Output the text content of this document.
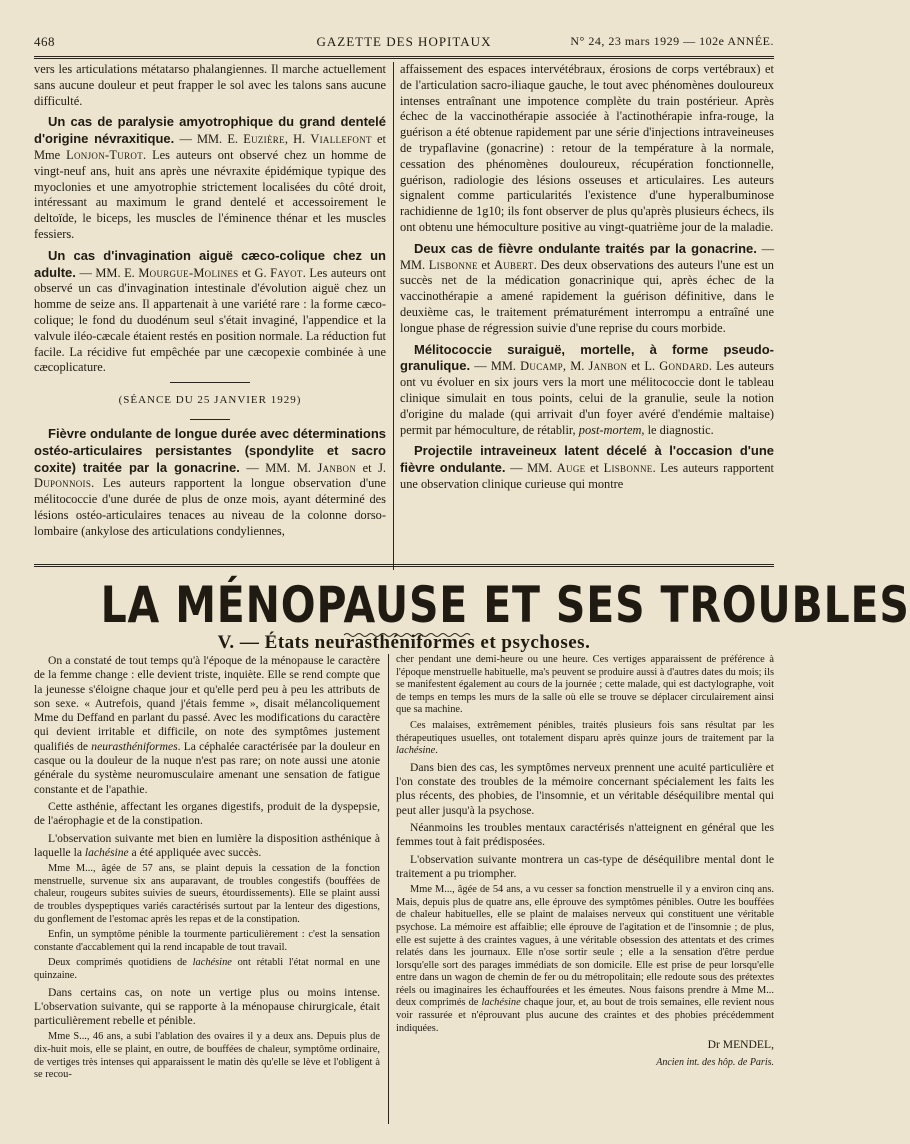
468	GAZETTE DES HOPITAUX	N° 24, 23 mars 1929 — 102e ANNÉE.

vers les articulations métatarso phalangiennes. Il marche actuellement sans aucune douleur et peut frapper le sol avec les talons sans aucune difficulté.

Un cas de paralysie amyotrophique du grand dentelé d'origine névraxitique. — MM. E. Euzière, H. Viallefont et Mme Lonjon-Turot. Les auteurs ont observé chez un homme de vingt-neuf ans, huit ans après une névraxite épidémique typique des myoclonies et une amyotrophie strictement localisées du côté droit, intéressant au maximum le grand dentelé et accessoirement le deltoïde, le biceps, les muscles de l'éminence thénar et les muscles fessiers.

Un cas d'invagination aiguë cæco-colique chez un adulte. — MM. E. Mourgue-Molines et G. Fayot. Les auteurs ont observé un cas d'invagination intestinale d'évolution aiguë chez un homme de seize ans. Il appartenait à une variété rare : la forme cæco-colique; le fond du duodénum seul s'était invaginé, l'appendice et la valvule iléo-cæcale étaient restés en position normale. La réduction fut facile. La récidive fut empêchée par une cæcopexie combinée à une cæcoplicature.

(SÉANCE DU 25 JANVIER 1929)

Fièvre ondulante de longue durée avec déterminations ostéo-articulaires persistantes (spondylite et sacro coxite) traitée par la gonacrine. — MM. M. Janbon et J. Duponnois. Les auteurs rapportent la longue observation d'une mélitococcie d'une durée de plus de onze mois, ayant déterminé des lésions ostéo-articulaires tenaces au niveau de la colonne dorso-lombaire (ankylose des articulations condyliennes,

affaissement des espaces intervétébraux, érosions de corps vertébraux) et de l'articulation sacro-iliaque gauche, le tout avec phénomènes douloureux intenses entraînant une impotence complète du train postérieur. Après échec de la vaccinothérapie associée à l'actinothérapie infra-rouge, la guérison a été obtenue rapidement par une série d'injections intraveineuses de trypaflavine (gonacrine) : retour de la température à la normale, cessation des phénomènes douloureux, récupération fonctionnelle, guérison, radiologie des lésions osseuses et articulaires. Les auteurs signalent comme particularités l'existence d'une hyperalbuminose rachidienne de 1g10; ils font observer de plus qu'après plusieurs échecs, ils ont obtenu une hémoculture positive au vingt-quatrième jour de la maladie.

Deux cas de fièvre ondulante traités par la gonacrine. — MM. Lisbonne et Aubert. Des deux observations des auteurs l'une est un succès net de la médication gonacrinique qui, après échec de la vaccinothérapie a amené rapidement la guérison définitive, dans le deuxième cas, le traitement prématurément interrompu a entraîné une longue phase de régression suivie d'une reprise du cours morbide.

Mélitococcie suraiguë, mortelle, à forme pseudo-granulique. — MM. Ducamp, M. Janbon et L. Gondard. Les auteurs ont vu évoluer en six jours vers la mort une mélitococcie dont le tableau clinique simulait en tous points, celui de la granulie, seule la notion d'origine du malade (qui arrivait d'un foyer avéré d'endémie maltaise) permit par hémoculture, de rétablir, post-mortem, le diagnostic.

Projectile intraveineux latent décelé à l'occasion d'une fièvre ondulante. — MM. Auge et Lisbonne. Les auteurs rapportent une observation clinique curieuse qui montre

LA MÉNOPAUSE ET SES TROUBLES
V. — États neurasthéniformes et psychoses.

On a constaté de tout temps qu'à l'époque de la ménopause le caractère de la femme change : elle devient triste, inquiète. Elle se rend compte que la jeunesse s'éloigne chaque jour et qu'elle perd peu à peu les attributs de son sexe. « Autrefois, quand j'étais femme », disait mélancoliquement Mme du Deffand en parlant du passé. Avec les modifications du caractère qui devient irritable et difficile, on note des symptômes justement qualifiés de neurasthéniformes. La céphalée caractérisée par la douleur en casque ou la douleur de la nuque n'est pas rare; on note aussi une atonie générale du système neuromusculaire amenant une sensation de fatigue constante et de l'apathie.

Cette asthénie, affectant les organes digestifs, produit de la dyspepsie, de l'aérophagie et de la constipation.

L'observation suivante met bien en lumière la disposition asthénique à laquelle la lachésine a été appliquée avec succès.

Mme M..., âgée de 57 ans, se plaint depuis la cessation de la fonction menstruelle, survenue six ans auparavant, de troubles congestifs (bouffées de chaleur, rougeurs subites suivies de sueurs, étourdissements). Elle se plaint aussi de troubles dyspeptiques variés caractérisés surtout par la lenteur des digestions, du gonflement de l'estomac après les repas et de la constipation.

Enfin, un symptôme pénible la tourmente particulièrement : c'est la sensation constante d'accablement qui la rend incapable de tout travail.

Deux comprimés quotidiens de lachésine ont rétabli l'état normal en une quinzaine.

Dans certains cas, on note un vertige plus ou moins intense. L'observation suivante, qui se rapporte à la ménopause chirurgicale, était particulièrement rebelle et pénible.

Mme S..., 46 ans, a subi l'ablation des ovaires il y a deux ans. Depuis plus de dix-huit mois, elle se plaint, en outre, de bouffées de chaleur, symptôme ordinaire, de vertiges très intenses qui apparaissent le matin dès qu'elle se lève et l'obligent à se recou-

cher pendant une demi-heure ou une heure. Ces vertiges apparaissent de préférence à l'époque menstruelle habituelle, ma's peuvent se produire aussi à d'autres dates du mois; ils se manifestent également au cours de la journée ; cette malade, qui est dactylographe, voit de temps en temps les murs de la salle où elle se trouve se déplacer circulairement ainsi que sa machine.

Ces malaises, extrêmement pénibles, traités plusieurs fois sans résultat par les thérapeutiques usuelles, ont totalement disparu après quinze jours de traitement par la lachésine.

Dans bien des cas, les symptômes nerveux prennent une acuité particulière et l'on constate des troubles de la mémoire concernant spécialement les faits les plus récents, des phobies, de l'insomnie, et un véritable déséquilibre mental qui peut aller jusqu'à la psychose.

Néanmoins les troubles mentaux caractérisés n'atteignent en général que les femmes tout à fait prédisposées.

L'observation suivante montrera un cas-type de déséquilibre mental dont le traitement a pu triompher.

Mme M..., âgée de 54 ans, a vu cesser sa fonction menstruelle il y a environ cinq ans. Mais, depuis plus de quatre ans, elle éprouve des symptômes pénibles. Outre les bouffées de chaleur habituelles, elle se plaint de malaises nerveux qui constituent une véritable psychose. La mémoire est affaiblie; elle éprouve de l'agitation et de l'insomnie ; de plus, elle est sujette à des craintes vagues, à une véritable obsession des attentats et des crimes relatés dans les journaux. Elle n'ose sortir seule ; elle a la sensation d'être perdue lorsqu'elle sort des parages immédiats de son domicile. Elle est prise de peur lorsqu'elle entre dans un wagon de chemin de fer ou du métropolitain; elle redoute sous des prétextes réels ou imaginaires les échauffourées et les émeutes. Nous faisons prendre à Mme M... deux comprimés de lachésine chaque jour, et, au bout de trois semaines, elle revient nous voir rassurée et n'éprouvant plus aucune des craintes et des phobies précédemment indiquées.

Dr MENDEL,

Ancien int. des hôp. de Paris.
